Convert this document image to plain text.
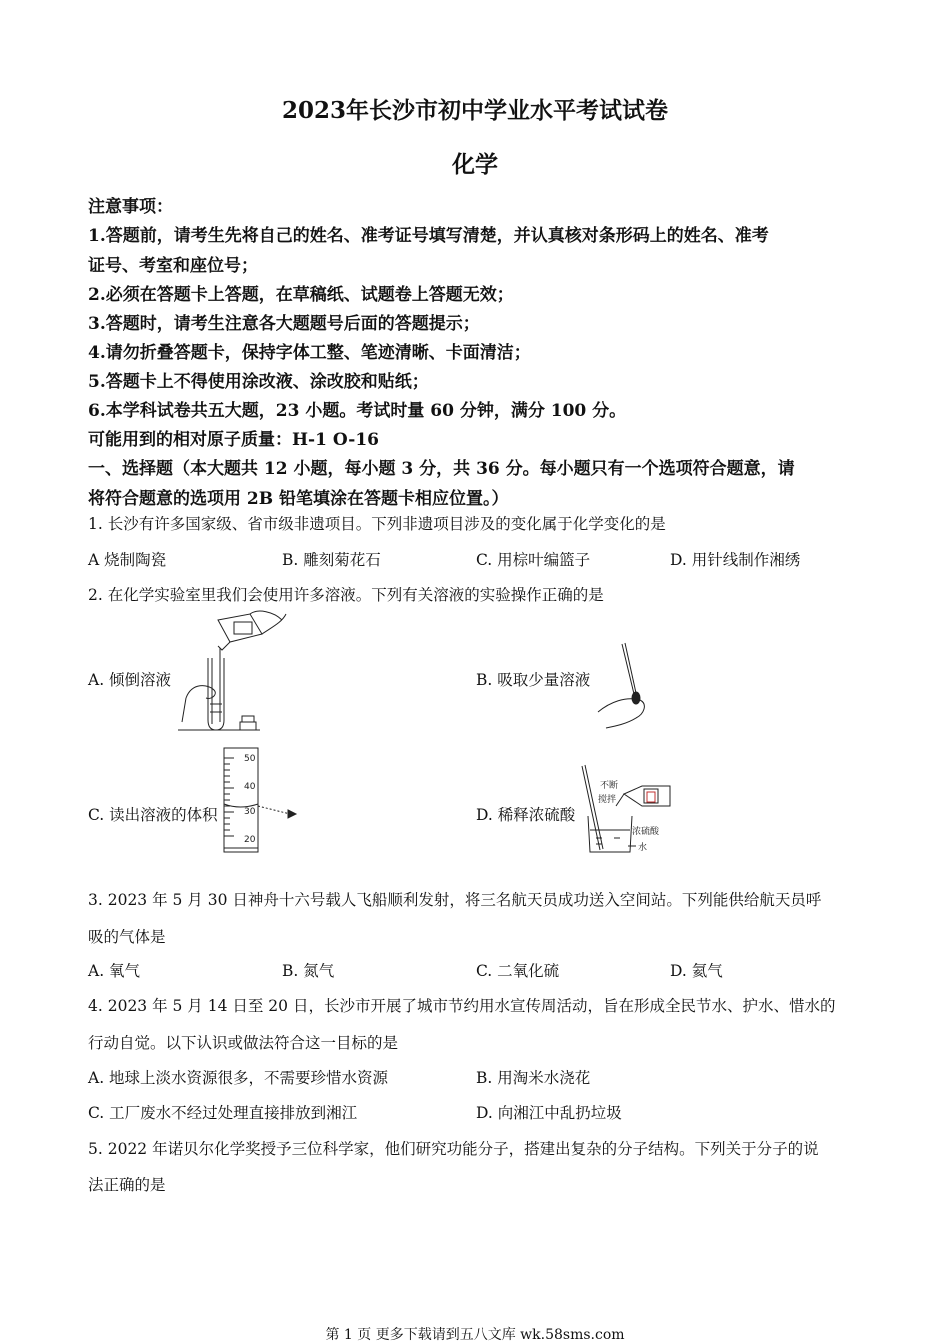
2023年长沙市初中学业水平考试试卷
化学
注意事项：
1.答题前，请考生先将自己的姓名、准考证号填写清楚，并认真核对条形码上的姓名、准考
证号、考室和座位号；
2.必须在答题卡上答题，在草稿纸、试题卷上答题无效；
3.答题时，请考生注意各大题题号后面的答题提示；
4.请勿折叠答题卡，保持字体工整、笔迹清晰、卡面清洁；
5.答题卡上不得使用涂改液、涂改胶和贴纸；
6.本学科试卷共五大题，23 小题。考试时量 60 分钟，满分 100 分。
可能用到的相对原子质量：H-1 O-16
一、选择题（本大题共 12 小题，每小题 3 分，共 36 分。每小题只有一个选项符合题意，请
将符合题意的选项用 2B 铅笔填涂在答题卡相应位置。）
1. 长沙有许多国家级、省市级非遗项目。下列非遗项目涉及的变化属于化学变化的是
A 烧制陶瓷	B. 雕刻菊花石	C. 用棕叶编篮子	D. 用针线制作湘绣
2. 在化学实验室里我们会使用许多溶液。下列有关溶液的实验操作正确的是
A. 倾倒溶液	B. 吸取少量溶液
C. 读出溶液的体积	D. 稀释浓硫酸
50
40
30
20
不断
搅拌
浓硫酸
水
3. 2023 年 5 月 30 日神舟十六号载人飞船顺利发射，将三名航天员成功送入空间站。下列能供给航天员呼
吸的气体是
A. 氧气	B. 氮气	C. 二氧化硫	D. 氦气
4. 2023 年 5 月 14 日至 20 日，长沙市开展了城市节约用水宣传周活动，旨在形成全民节水、护水、惜水的
行动自觉。以下认识或做法符合这一目标的是
A. 地球上淡水资源很多，不需要珍惜水资源	B. 用淘米水浇花
C. 工厂废水不经过处理直接排放到湘江	D. 向湘江中乱扔垃圾
5. 2022 年诺贝尔化学奖授予三位科学家，他们研究功能分子，搭建出复杂的分子结构。下列关于分子的说
法正确的是
第 1 页 更多下载请到五八文库 wk.58sms.com
